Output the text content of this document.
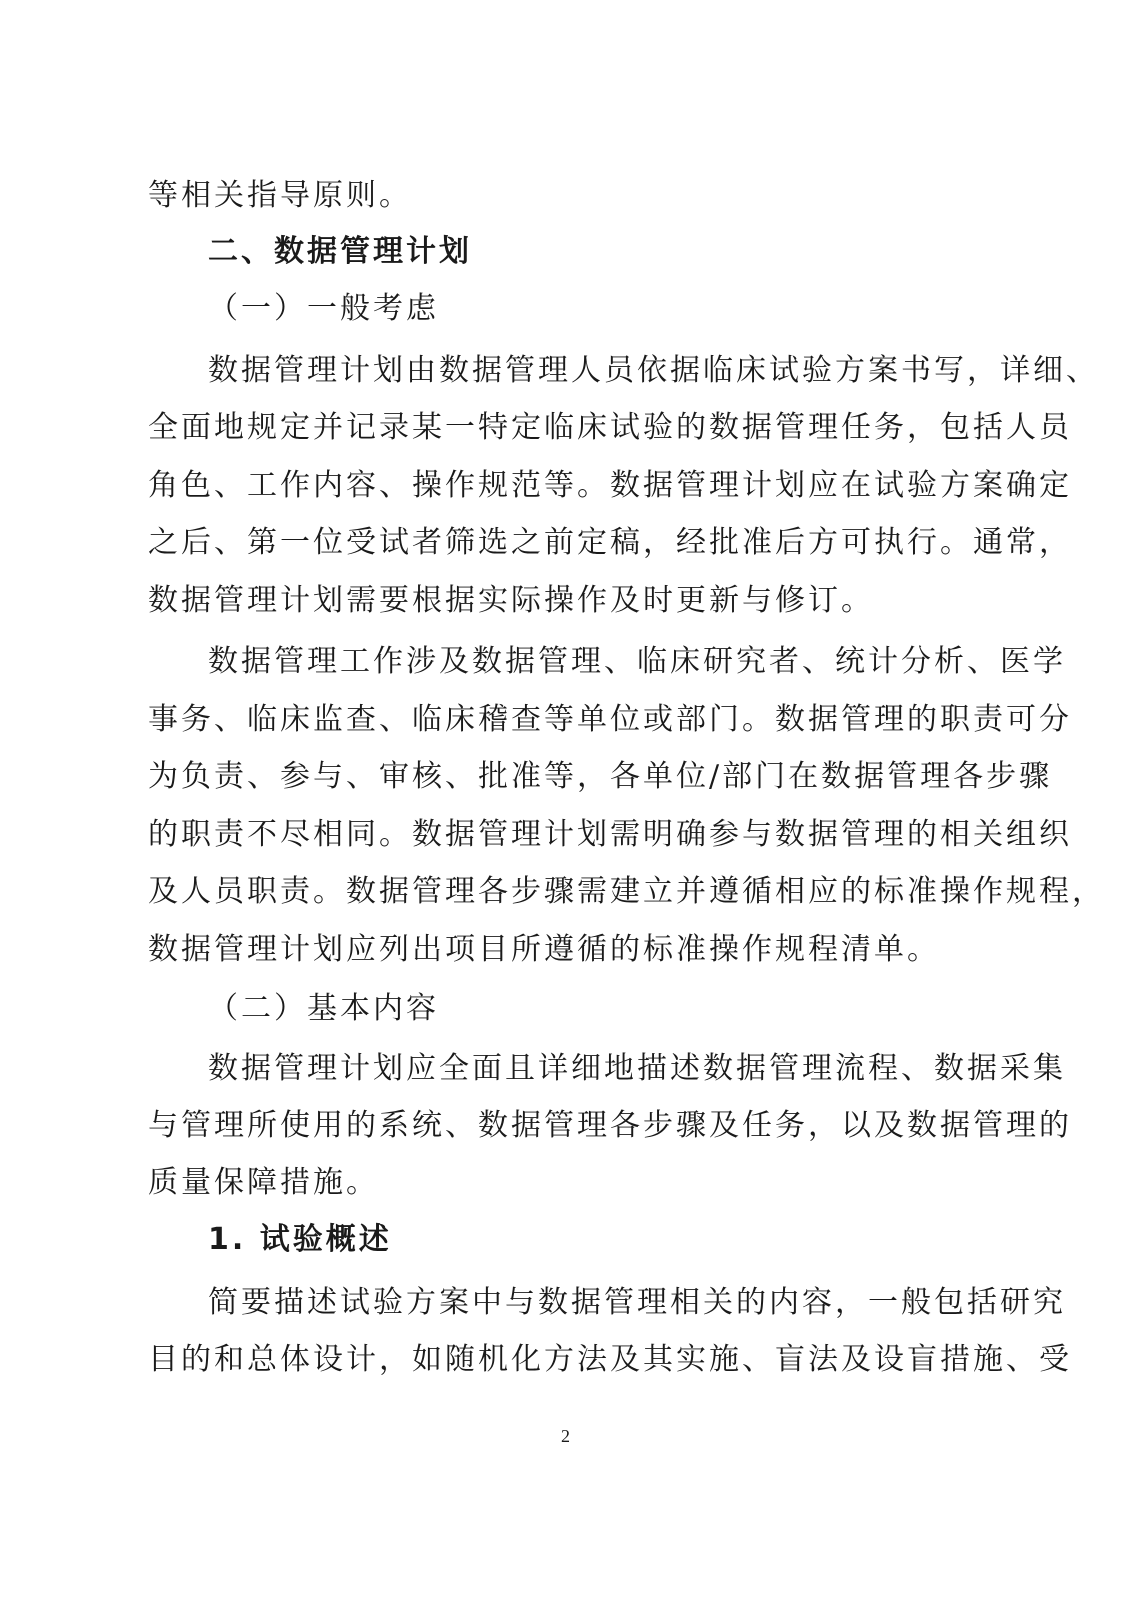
等相关指导原则。
二、数据管理计划
（一）一般考虑
数据管理计划由数据管理人员依据临床试验方案书写，详细、
全面地规定并记录某一特定临床试验的数据管理任务，包括人员
角色、工作内容、操作规范等。数据管理计划应在试验方案确定
之后、第一位受试者筛选之前定稿，经批准后方可执行。通常，
数据管理计划需要根据实际操作及时更新与修订。
数据管理工作涉及数据管理、临床研究者、统计分析、医学
事务、临床监查、临床稽查等单位或部门。数据管理的职责可分
为负责、参与、审核、批准等，各单位/部门在数据管理各步骤
的职责不尽相同。数据管理计划需明确参与数据管理的相关组织
及人员职责。数据管理各步骤需建立并遵循相应的标准操作规程，
数据管理计划应列出项目所遵循的标准操作规程清单。
（二）基本内容
数据管理计划应全面且详细地描述数据管理流程、数据采集
与管理所使用的系统、数据管理各步骤及任务，以及数据管理的
质量保障措施。
1. 试验概述
简要描述试验方案中与数据管理相关的内容，一般包括研究
目的和总体设计，如随机化方法及其实施、盲法及设盲措施、受
2
